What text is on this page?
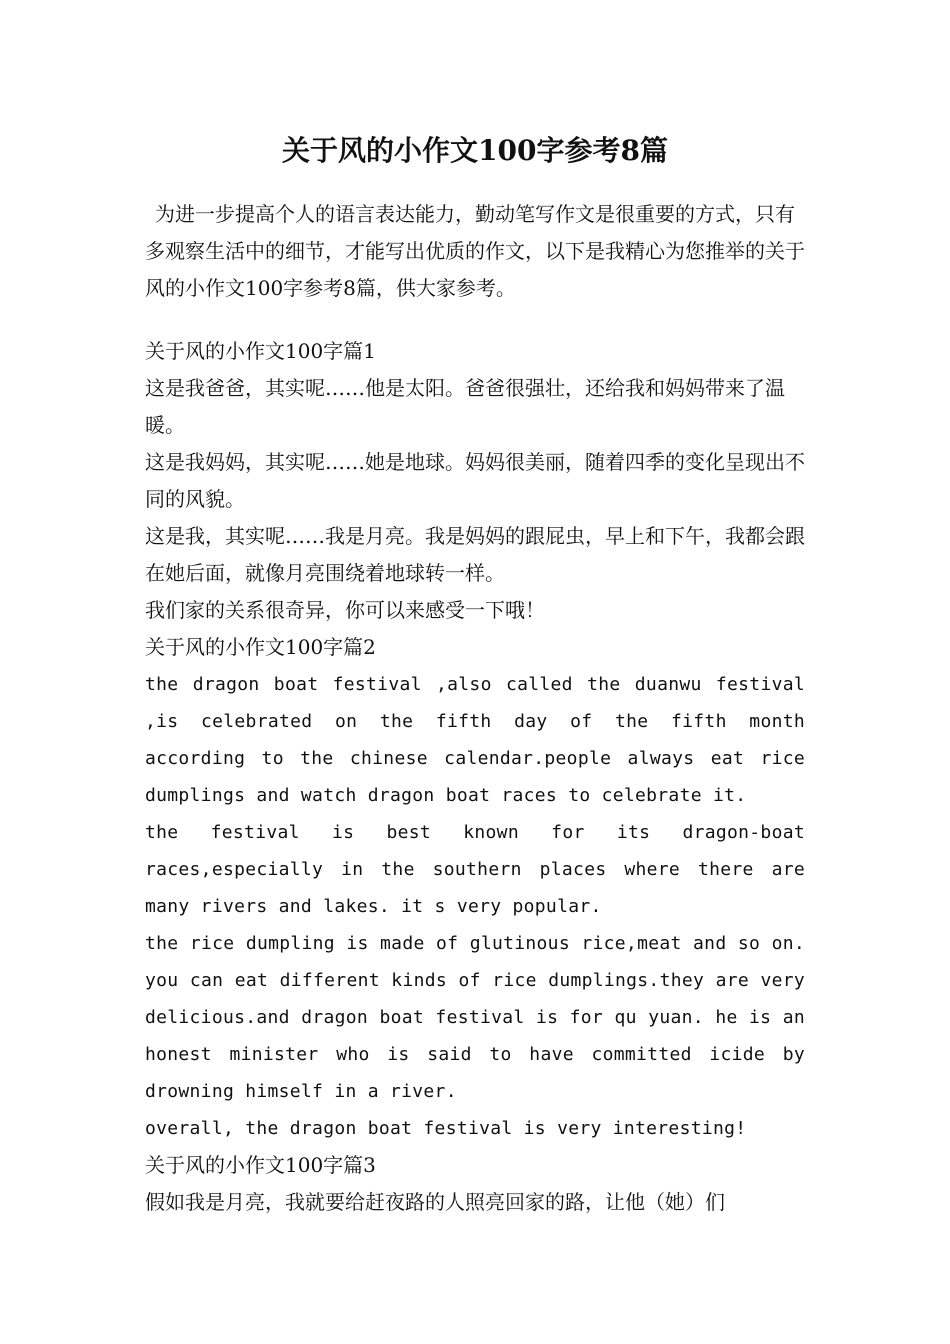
关于风的小作文100字参考8篇

为进一步提高个人的语言表达能力，勤动笔写作文是很重要的方式，只有多观察生活中的细节，才能写出优质的作文，以下是我精心为您推举的关于风的小作文100字参考8篇，供大家参考。

关于风的小作文100字篇1

这是我爸爸，其实呢……他是太阳。爸爸很强壮，还给我和妈妈带来了温暖。

这是我妈妈，其实呢……她是地球。妈妈很美丽，随着四季的变化呈现出不同的风貌。

这是我，其实呢……我是月亮。我是妈妈的跟屁虫，早上和下午，我都会跟在她后面，就像月亮围绕着地球转一样。

我们家的关系很奇异，你可以来感受一下哦！

关于风的小作文100字篇2

the dragon boat festival ,also called the duanwu festival ,is celebrated on the fifth day of the fifth month according to the chinese calendar.people always eat rice dumplings and watch dragon boat races to celebrate it.

the festival is best known for its dragon-boat races,especially in the southern places where there are many rivers and lakes. it s very popular.

the rice dumpling is made of glutinous rice,meat and so on. you can eat different kinds of rice dumplings.they are very delicious.and dragon boat festival is for qu yuan. he is an honest minister who is said to have committed icide by drowning himself in a river.

overall, the dragon boat festival is very interesting!

关于风的小作文100字篇3

假如我是月亮，我就要给赶夜路的人照亮回家的路，让他（她）们
